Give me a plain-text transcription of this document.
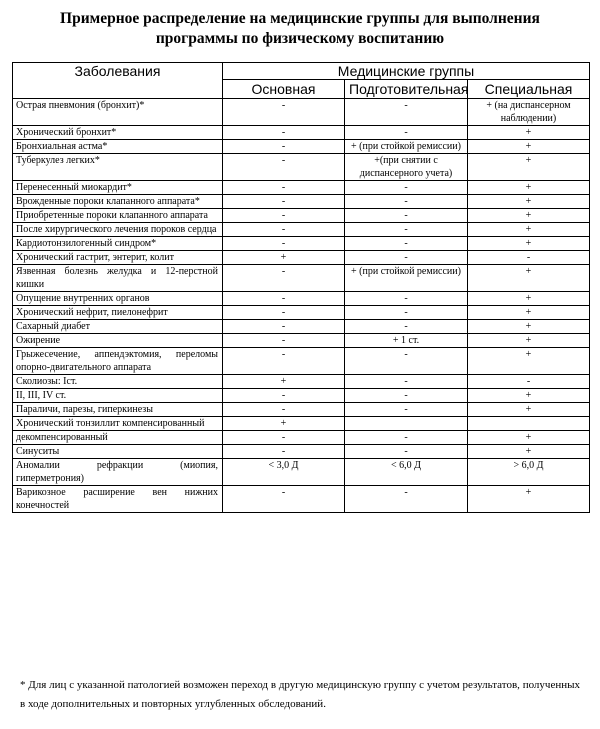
Примерное распределение на медицинские группы для выполнения программы по физическому воспитанию
Заболевания	Медицинские группы		
	Основная	Подготовительная	Специальная
Острая пневмония (бронхит)*	-	-	+ (на диспансерном наблюдении)
Хронический бронхит*	-	-	+
Бронхиальная астма*	-	+ (при стойкой ремиссии)	+
Туберкулез легких*	-	+(при снятии с диспансерного учета)	+
Перенесенный миокардит*	-	-	+
Врожденные пороки клапанного аппарата*	-	-	+
Приобретенные пороки клапанного аппарата	-	-	+
После хирургического лечения пороков сердца	-	-	+
Кардиотонзилогенный синдром*	-	-	+
Хронический гастрит, энтерит, колит	+	-	-
Язвенная болезнь желудка и 12-перстной кишки	-	+ (при стойкой ремиссии)	+
Опущение внутренних органов	-	-	+
Хронический нефрит, пиелонефрит	-	-	+
Сахарный диабет	-	-	+
Ожирение	-	+ 1 ст.	+
Грыжесечение, аппендэктомия, переломы опорно-двигательного аппарата	-	-	+
Сколиозы: Iст.	+	-	-
II, III, IV ст.	-	-	+
Параличи, парезы, гиперкинезы	-	-	+
Хронический тонзиллит компенсированный	+		
декомпенсированный	-	-	+
Синуситы	-	-	+
Аномалии рефракции (миопия, гиперметрония)	< 3,0 Д	< 6,0 Д	> 6,0 Д
Варикозное расширение вен нижних конечностей	-	-	+
* Для лиц с указанной патологией возможен переход в другую медицинскую группу с учетом результатов, полученных в ходе дополнительных и повторных углубленных обследований.
